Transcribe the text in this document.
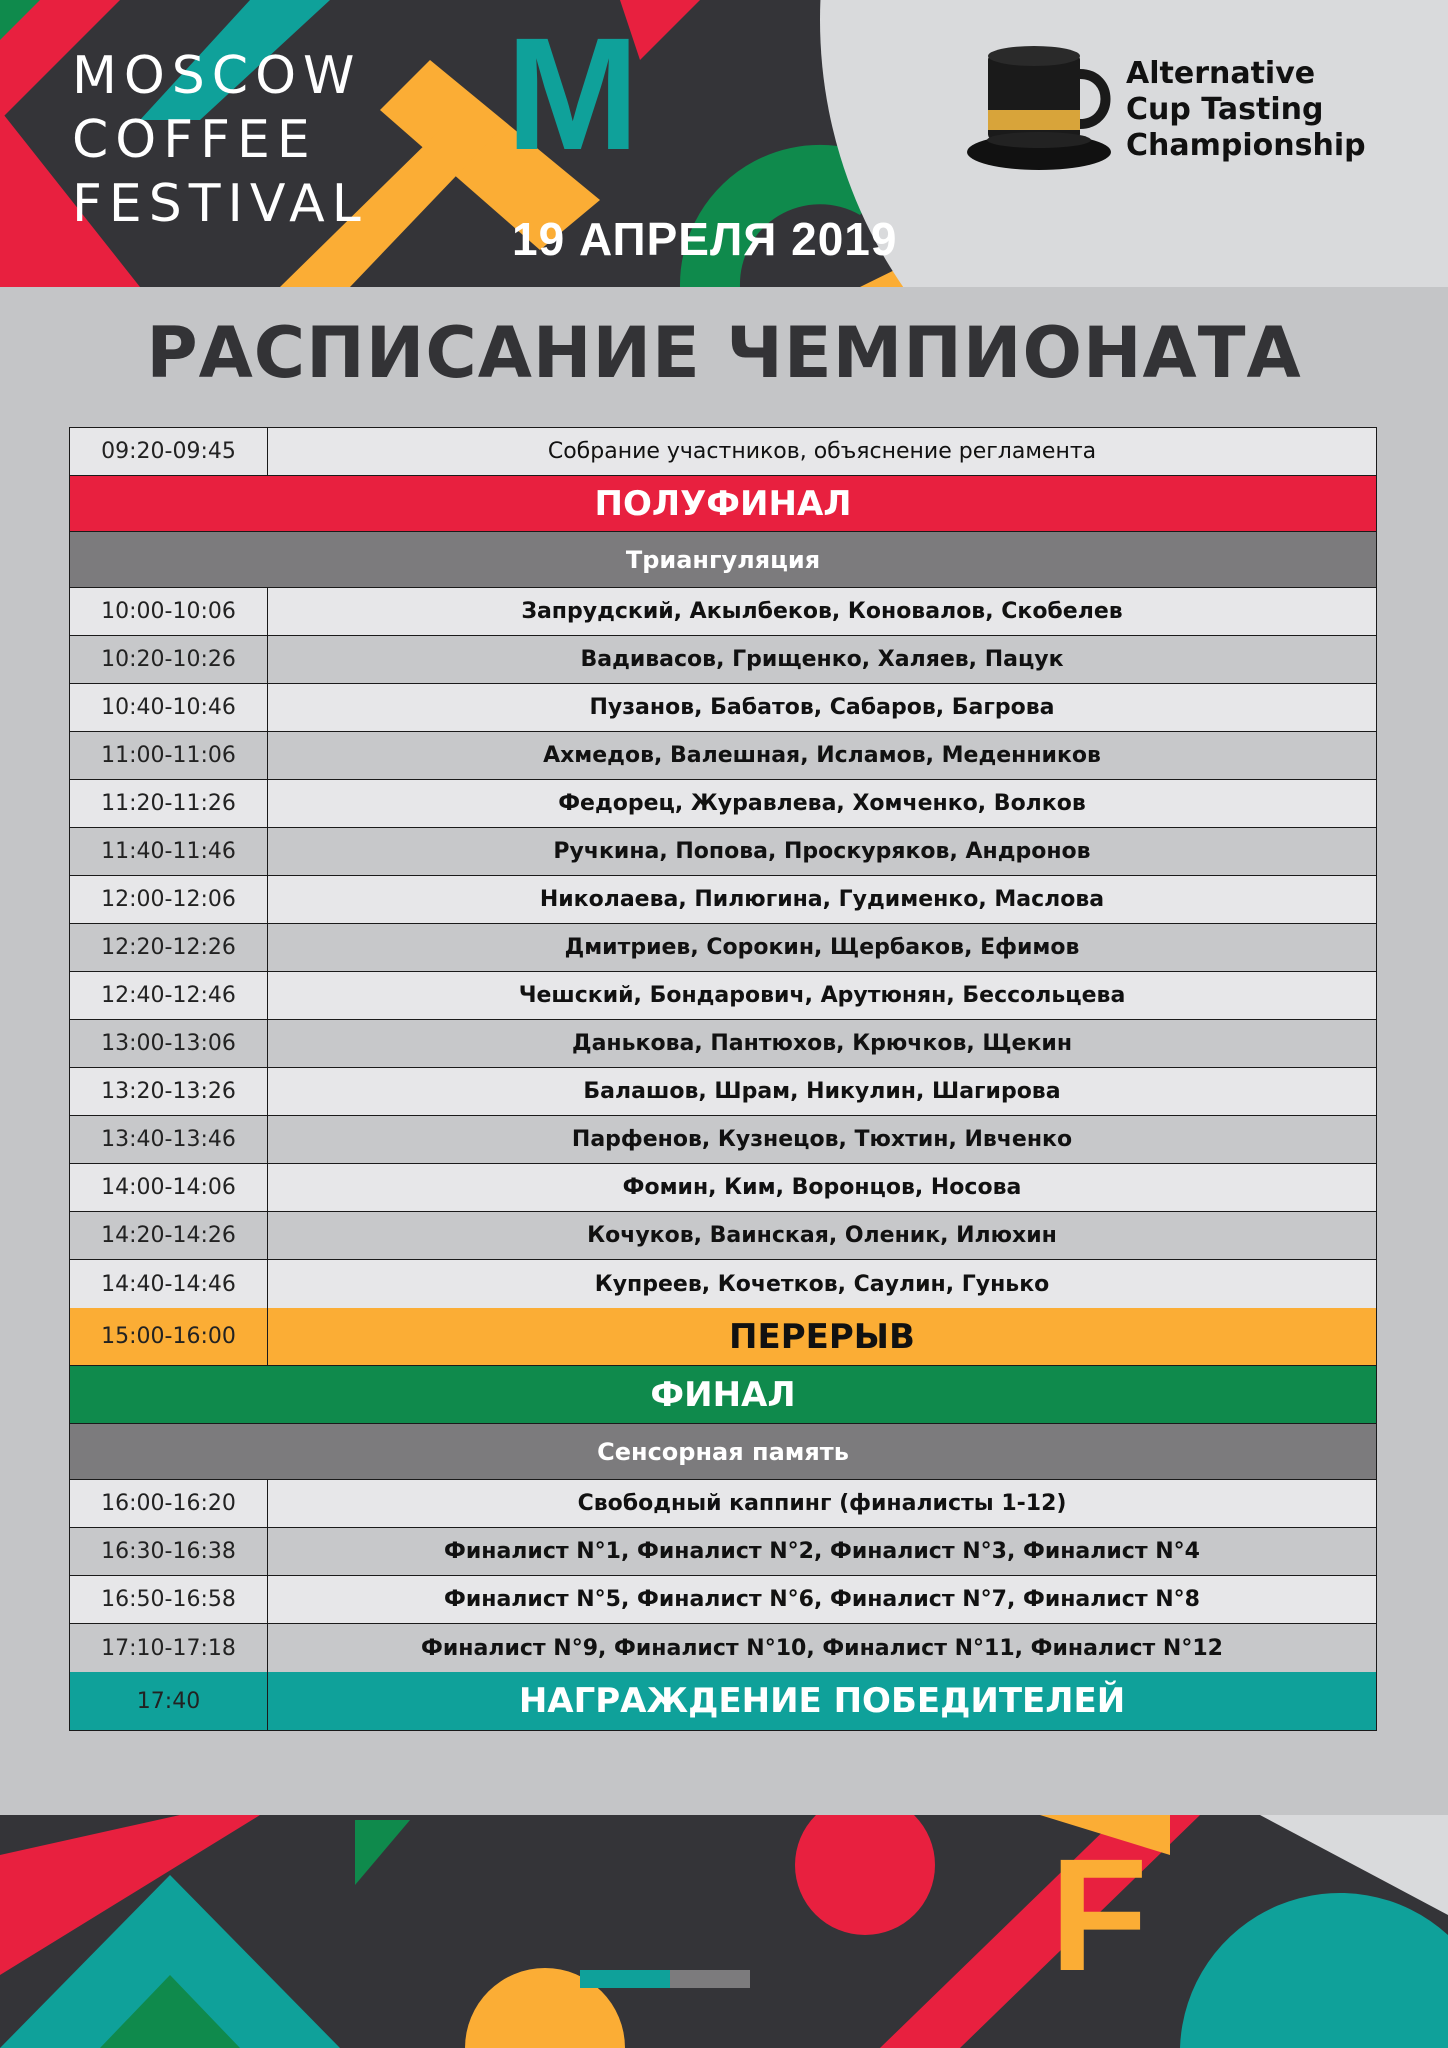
MOSCOW
COFFEE
FESTIVAL
M
19 АПРЕЛЯ 2019
Alternative
Cup Tasting
Championship
РАСПИСАНИЕ ЧЕМПИОНАТА
09:20-09:45	Собрание участников, объяснение регламента
ПОЛУФИНАЛ
Триангуляция
10:00-10:06	Запрудский, Акылбеков, Коновалов, Скобелев
10:20-10:26	Вадивасов, Грищенко, Халяев, Пацук
10:40-10:46	Пузанов, Бабатов, Сабаров, Багрова
11:00-11:06	Ахмедов, Валешная, Исламов, Меденников
11:20-11:26	Федорец, Журавлева, Хомченко, Волков
11:40-11:46	Ручкина, Попова, Проскуряков, Андронов
12:00-12:06	Николаева, Пилюгина, Гудименко, Маслова
12:20-12:26	Дмитриев, Сорокин, Щербаков, Ефимов
12:40-12:46	Чешский, Бондарович, Арутюнян, Бессольцева
13:00-13:06	Данькова, Пантюхов, Крючков, Щекин
13:20-13:26	Балашов, Шрам, Никулин, Шагирова
13:40-13:46	Парфенов, Кузнецов, Тюхтин, Ивченко
14:00-14:06	Фомин, Ким, Воронцов, Носова
14:20-14:26	Кочуков, Ваинская, Оленик, Илюхин
14:40-14:46	Купреев, Кочетков, Саулин, Гунько
15:00-16:00	ПЕРЕРЫВ
ФИНАЛ
Сенсорная память
16:00-16:20	Свободный каппинг (финалисты 1-12)
16:30-16:38	Финалист N°1, Финалист N°2, Финалист N°3, Финалист N°4
16:50-16:58	Финалист N°5, Финалист N°6, Финалист N°7, Финалист N°8
17:10-17:18	Финалист N°9, Финалист N°10, Финалист N°11, Финалист N°12
17:40	НАГРАЖДЕНИЕ ПОБЕДИТЕЛЕЙ
F
